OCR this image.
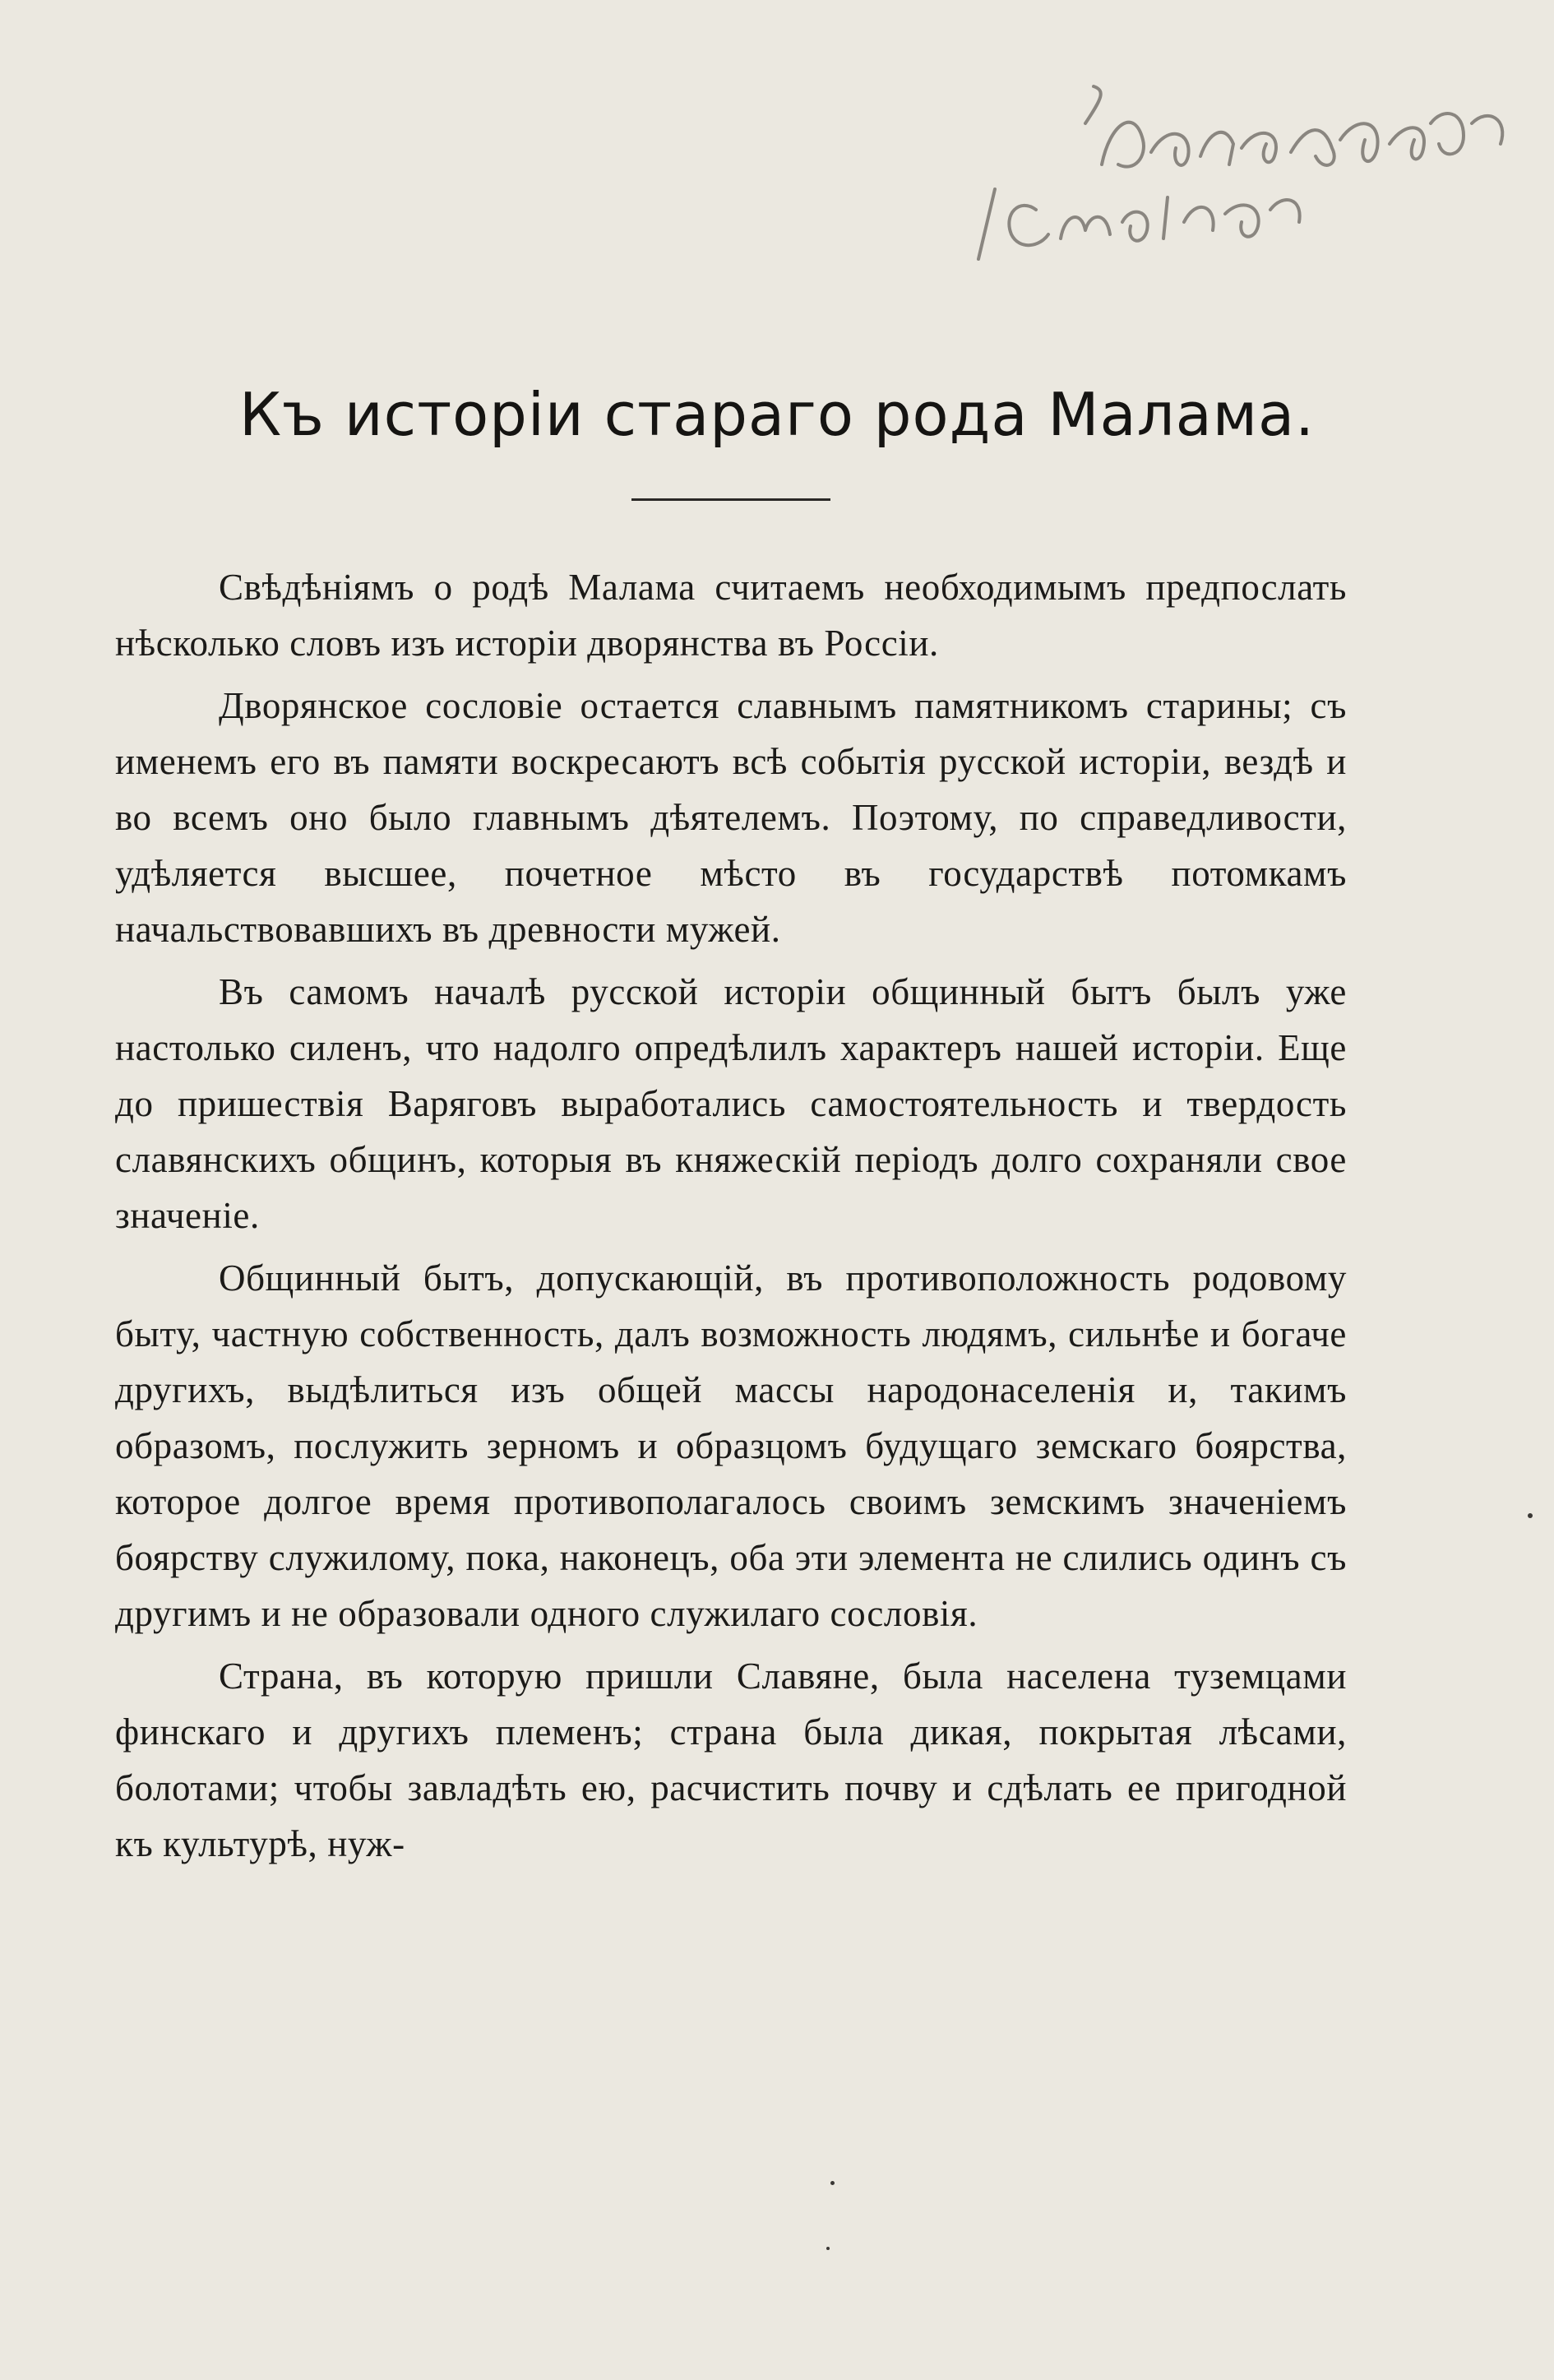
Къ исторіи стараго рода Малама.

Свѣдѣніямъ о родѣ Малама считаемъ необходимымъ предпослать нѣсколько словъ изъ исторіи дворянства въ Россіи.

Дворянское сословіе остается славнымъ памятникомъ старины; съ именемъ его въ памяти воскресаютъ всѣ событія русской исторіи, вездѣ и во всемъ оно было главнымъ дѣятелемъ. Поэтому, по справедливости, удѣляется высшее, почетное мѣсто въ государствѣ потомкамъ начальствовавшихъ въ древности мужей.

Въ самомъ началѣ русской исторіи общинный бытъ былъ уже настолько силенъ, что надолго опредѣлилъ характеръ нашей исторіи. Еще до пришествія Варяговъ выработались самостоятельность и твердость славянскихъ общинъ, которыя въ княжескій періодъ долго сохраняли свое значеніе.

Общинный бытъ, допускающій, въ противоположность родовому быту, частную собственность, далъ возможность людямъ, сильнѣе и богаче другихъ, выдѣлиться изъ общей массы народонаселенія и, такимъ образомъ, послужить зерномъ и образцомъ будущаго земскаго боярства, которое долгое время противополагалось своимъ земскимъ значеніемъ боярству служилому, пока, наконецъ, оба эти элемента не слились одинъ съ другимъ и не образовали одного служилаго сословія.

Страна, въ которую пришли Славяне, была населена туземцами финскаго и другихъ племенъ; страна была дикая, покрытая лѣсами, болотами; чтобы завладѣть ею, расчистить почву и сдѣлать ее пригодной къ культурѣ, нуж-
